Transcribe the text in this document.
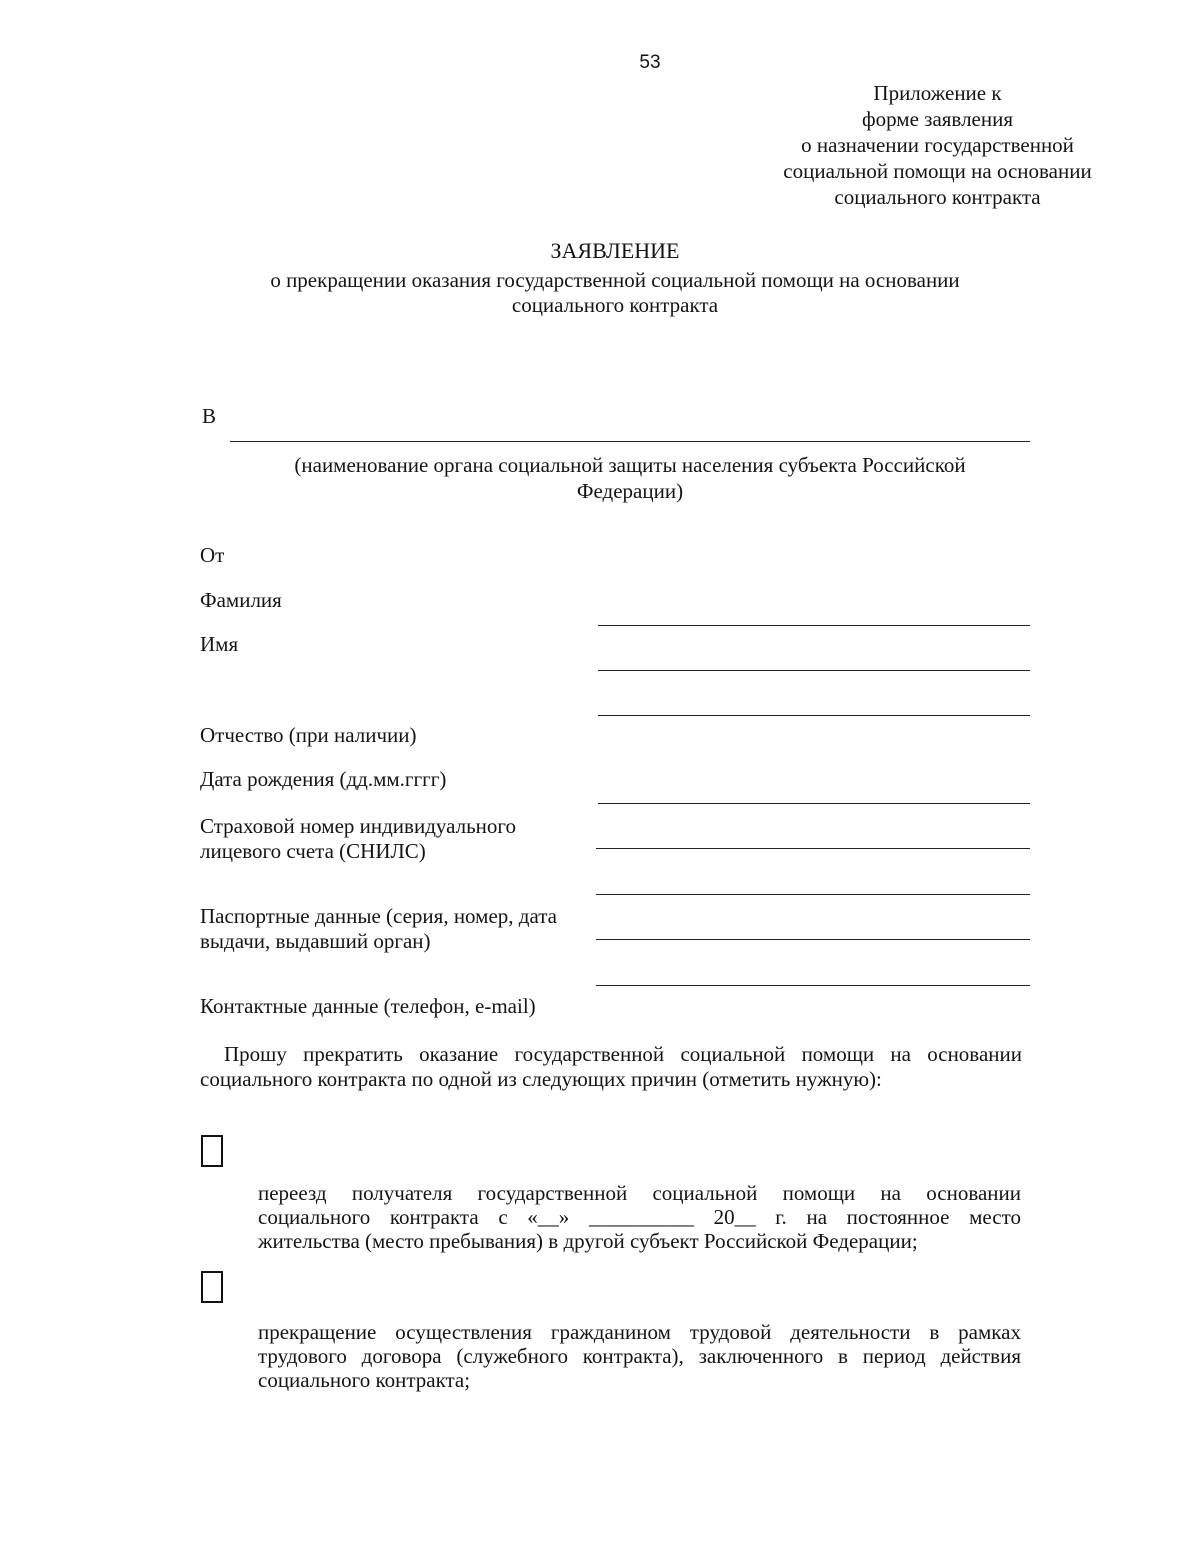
53
Приложение к
форме заявления
о назначении государственной
социальной помощи на основании
социального контракта
ЗАЯВЛЕНИЕ
о прекращении оказания государственной социальной помощи на основании
социального контракта
В
(наименование органа социальной защиты населения субъекта Российской
Федерации)
От
Фамилия
Имя
Отчество (при наличии)
Дата рождения (дд.мм.гггг)
Страховой номер индивидуального
лицевого счета (СНИЛС)
Паспортные данные (серия, номер, дата
выдачи, выдавший орган)
Контактные данные (телефон, e-mail)
Прошу прекратить оказание государственной социальной помощи на основании
социального контракта по одной из следующих причин (отметить нужную):
переезд получателя государственной социальной помощи на основании
социального контракта с «__» __________ 20__ г. на постоянное место
жительства (место пребывания) в другой субъект Российской Федерации;
прекращение осуществления гражданином трудовой деятельности в рамках
трудового договора (служебного контракта), заключенного в период действия
социального контракта;
